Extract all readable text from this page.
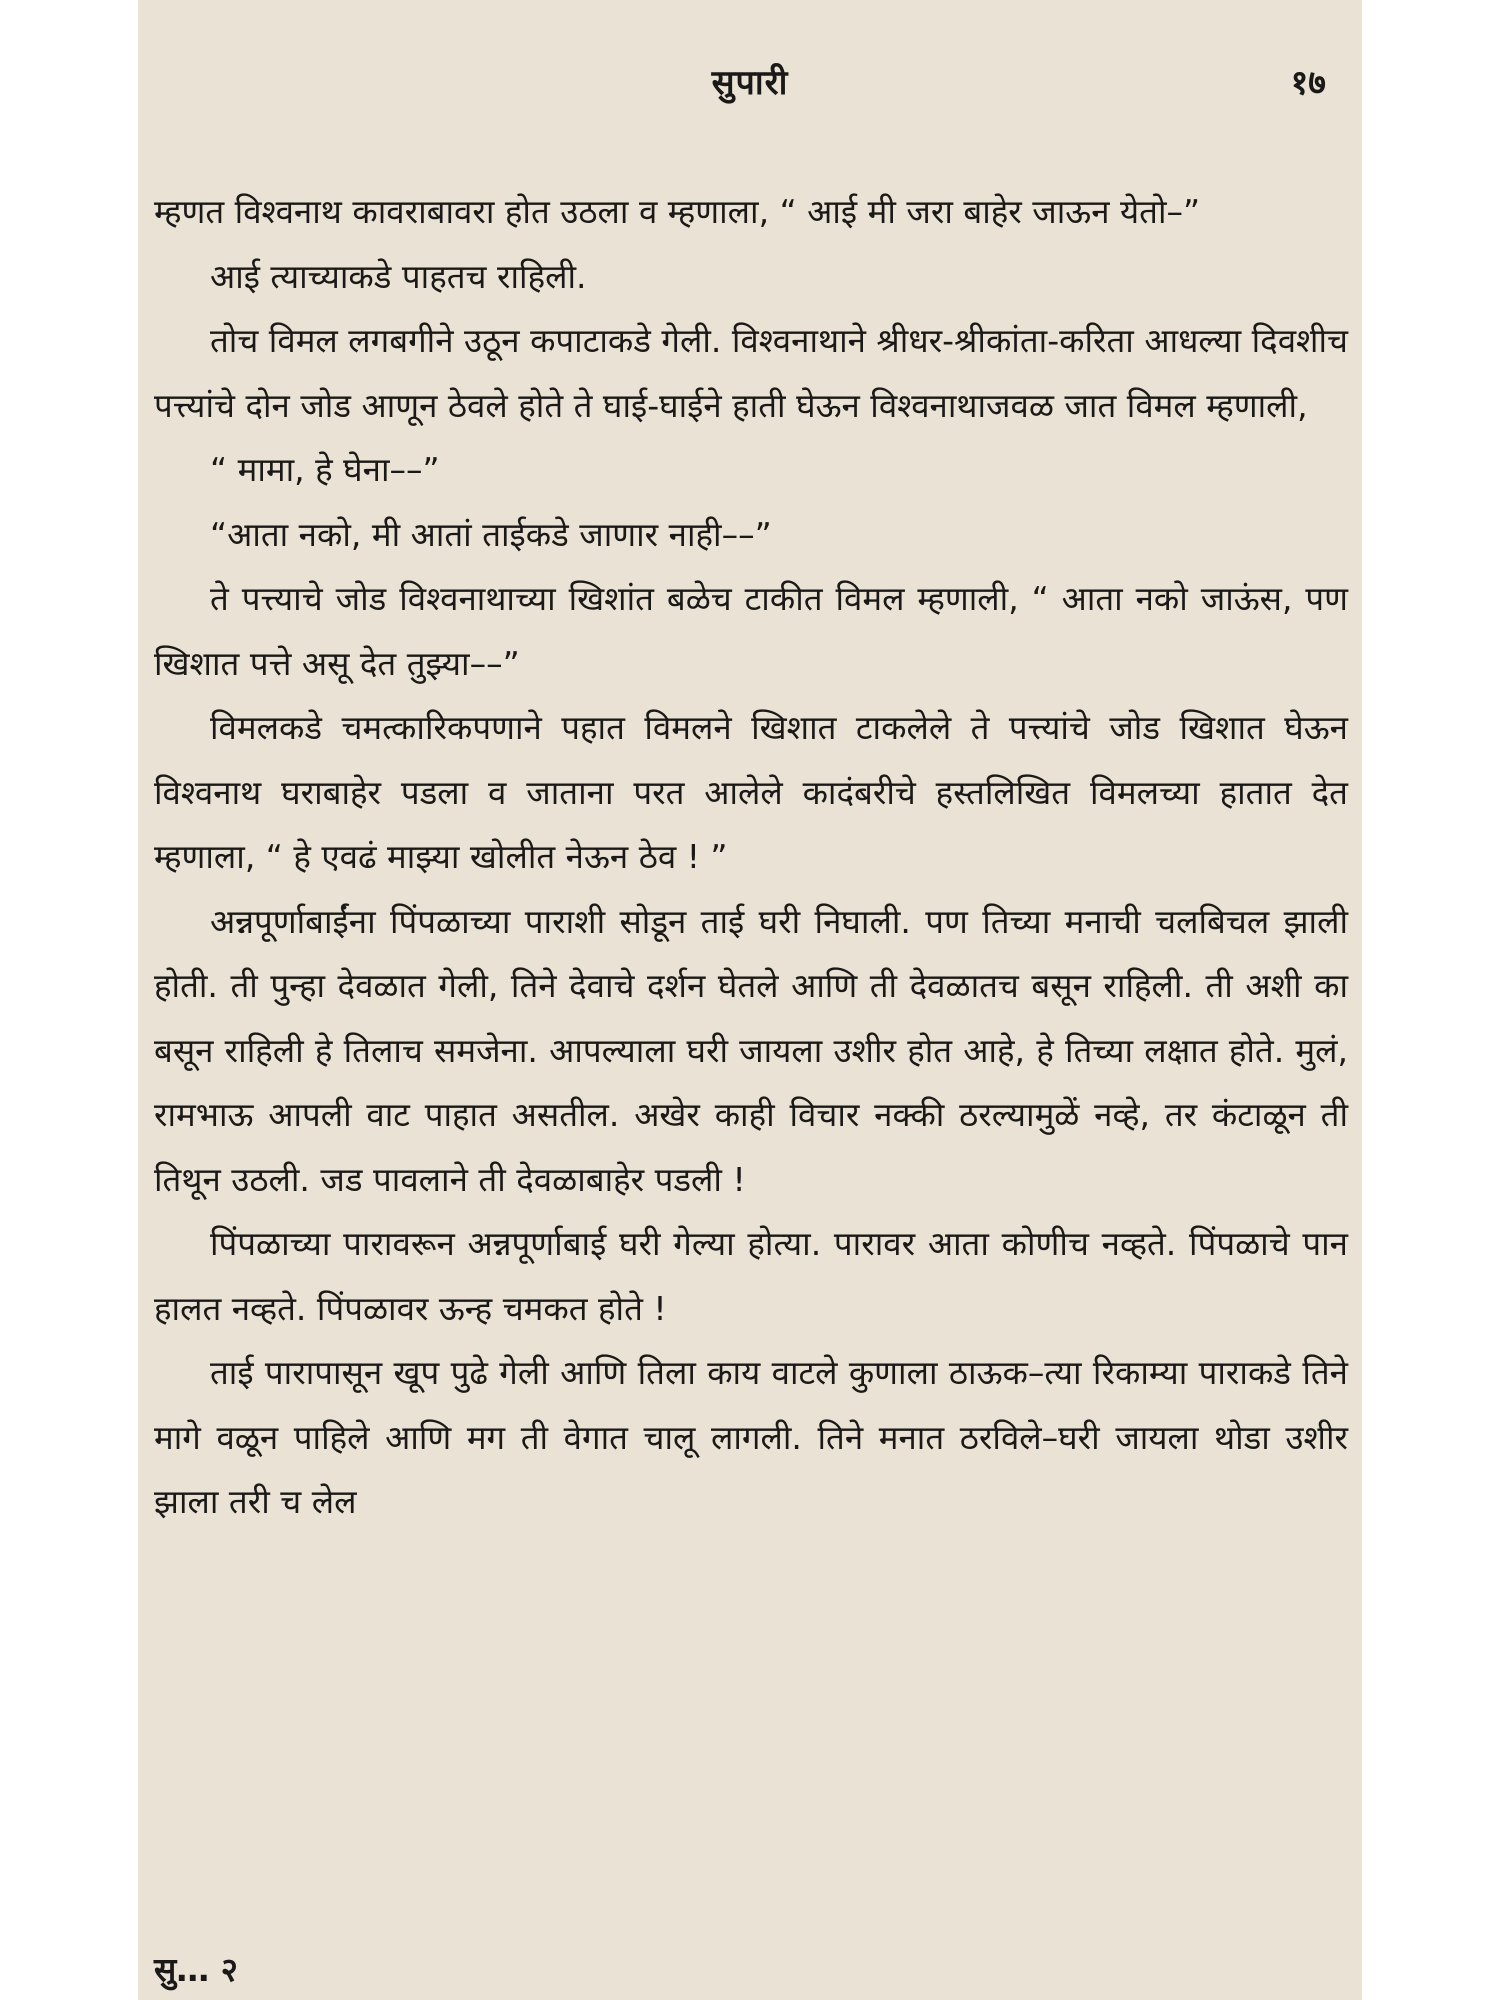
सुपारी	१७

म्हणत विश्वनाथ कावराबावरा होत उठला व म्हणाला, “ आई मी जरा बाहेर जाऊन येतो–”

आई त्याच्याकडे पाहतच राहिली.

तोच विमल लगबगीने उठून कपाटाकडे गेली. विश्वनाथाने श्रीधर-श्रीकांता-करिता आधल्या दिवशीच पत्त्यांचे दोन जोड आणून ठेवले होते ते घाई-घाईने हाती घेऊन विश्वनाथाजवळ जात विमल म्हणाली,

“ मामा, हे घेना––”

“आता नको, मी आतां ताईकडे जाणार नाही––”

ते पत्त्याचे जोड विश्वनाथाच्या खिशांत बळेच टाकीत विमल म्हणाली, “ आता नको जाऊंस, पण खिशात पत्ते असू देत तुझ्या––”

विमलकडे चमत्कारिकपणाने पहात विमलने खिशात टाकलेले ते पत्त्यांचे जोड खिशात घेऊन विश्वनाथ घराबाहेर पडला व जाताना परत आलेले कादंबरीचे हस्तलिखित विमलच्या हातात देत म्हणाला, “ हे एवढं माझ्या खोलीत नेऊन ठेव ! ”

अन्नपूर्णाबाईंना पिंपळाच्या पाराशी सोडून ताई घरी निघाली. पण तिच्या मनाची चलबिचल झाली होती. ती पुन्हा देवळात गेली, तिने देवाचे दर्शन घेतले आणि ती देवळातच बसून राहिली. ती अशी का बसून राहिली हे तिलाच समजेना. आपल्याला घरी जायला उशीर होत आहे, हे तिच्या लक्षात होते. मुलं, रामभाऊ आपली वाट पाहात असतील. अखेर काही विचार नक्की ठरल्यामुळें नव्हे, तर कंटाळून ती तिथून उठली. जड पावलाने ती देवळाबाहेर पडली !

पिंपळाच्या पारावरून अन्नपूर्णाबाई घरी गेल्या होत्या. पारावर आता कोणीच नव्हते. पिंपळाचे पान हालत नव्हते. पिंपळावर ऊन्ह चमकत होते !

ताई पारापासून खूप पुढे गेली आणि तिला काय वाटले कुणाला ठाऊक–त्या रिकाम्या पाराकडे तिने मागे वळून पाहिले आणि मग ती वेगात चालू लागली. तिने मनात ठरविले–घरी जायला थोडा उशीर झाला तरी च लेल

सु… २
